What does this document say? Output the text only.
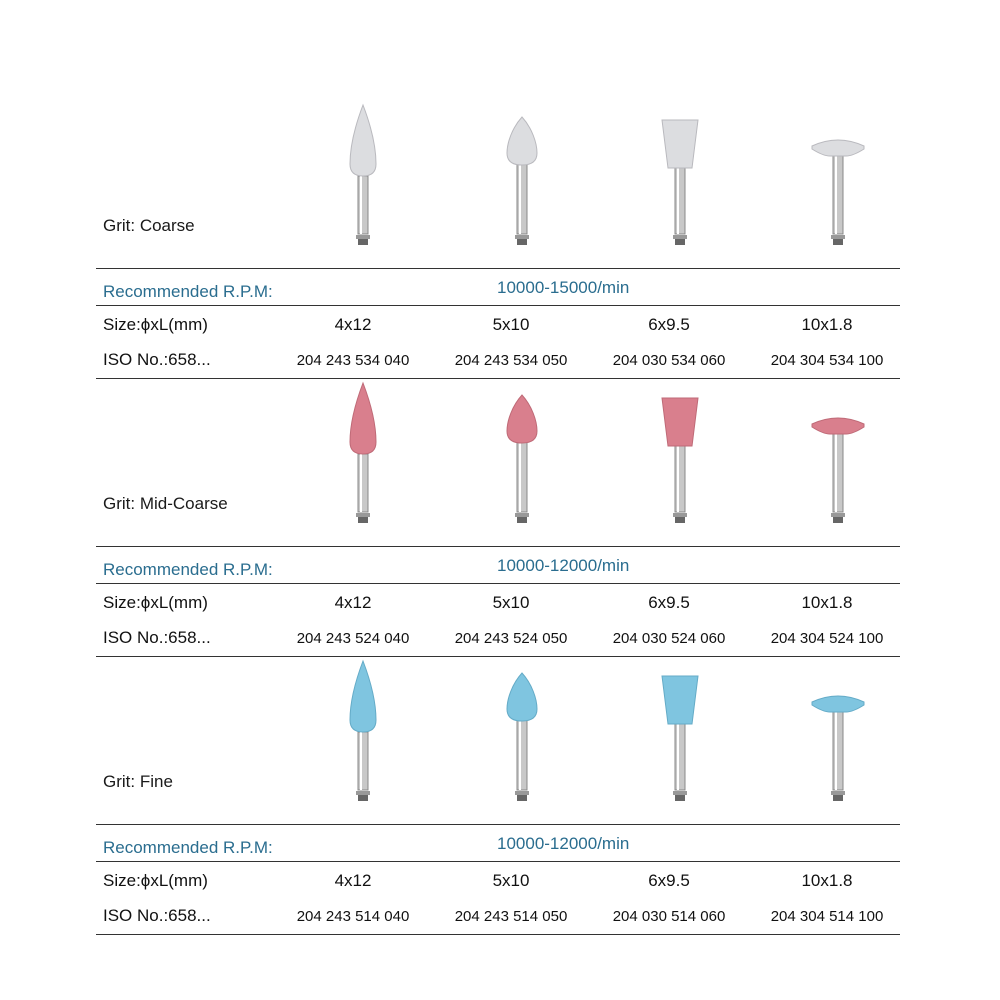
Grit: Coarse
Recommended R.P.M:	10000-15000/min
Size:ϕxL(mm)	4x12	5x10	6x9.5	10x1.8
ISO No.:658...	204 243 534 040	204 243 534 050	204 030 534 060	204 304 534 100
Grit: Mid-Coarse
Recommended R.P.M:	10000-12000/min
Size:ϕxL(mm)	4x12	5x10	6x9.5	10x1.8
ISO No.:658...	204 243 524 040	204 243 524 050	204 030 524 060	204 304 524 100
Grit: Fine
Recommended R.P.M:	10000-12000/min
Size:ϕxL(mm)	4x12	5x10	6x9.5	10x1.8
ISO No.:658...	204 243 514 040	204 243 514 050	204 030 514 060	204 304 514 100
